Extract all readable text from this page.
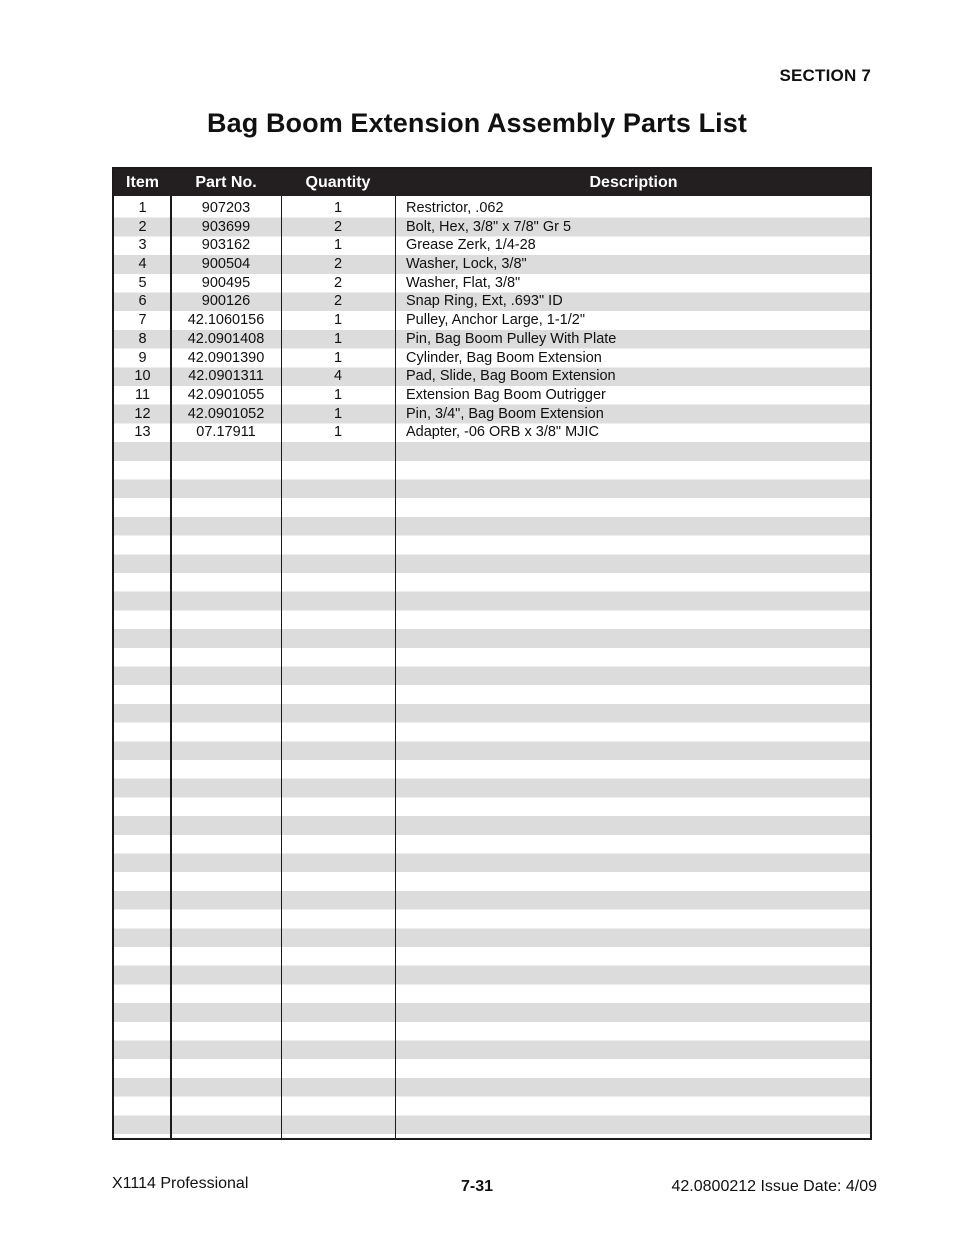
SECTION 7
Bag Boom Extension Assembly Parts List
Item	Part No.	Quantity	Description
1	907203	1	Restrictor, .062
2	903699	2	Bolt, Hex, 3/8" x 7/8" Gr 5
3	903162	1	Grease Zerk, 1/4-28
4	900504	2	Washer, Lock, 3/8"
5	900495	2	Washer, Flat, 3/8"
6	900126	2	Snap Ring, Ext, .693" ID
7	42.1060156	1	Pulley, Anchor Large, 1-1/2"
8	42.0901408	1	Pin, Bag Boom Pulley With Plate
9	42.0901390	1	Cylinder, Bag Boom Extension
10	42.0901311	4	Pad, Slide, Bag Boom Extension
11	42.0901055	1	Extension Bag Boom Outrigger
12	42.0901052	1	Pin, 3/4", Bag Boom Extension
13	07.17911	1	Adapter, -06 ORB x 3/8" MJIC
X1114 Professional	7-31	42.0800212 Issue Date: 4/09
